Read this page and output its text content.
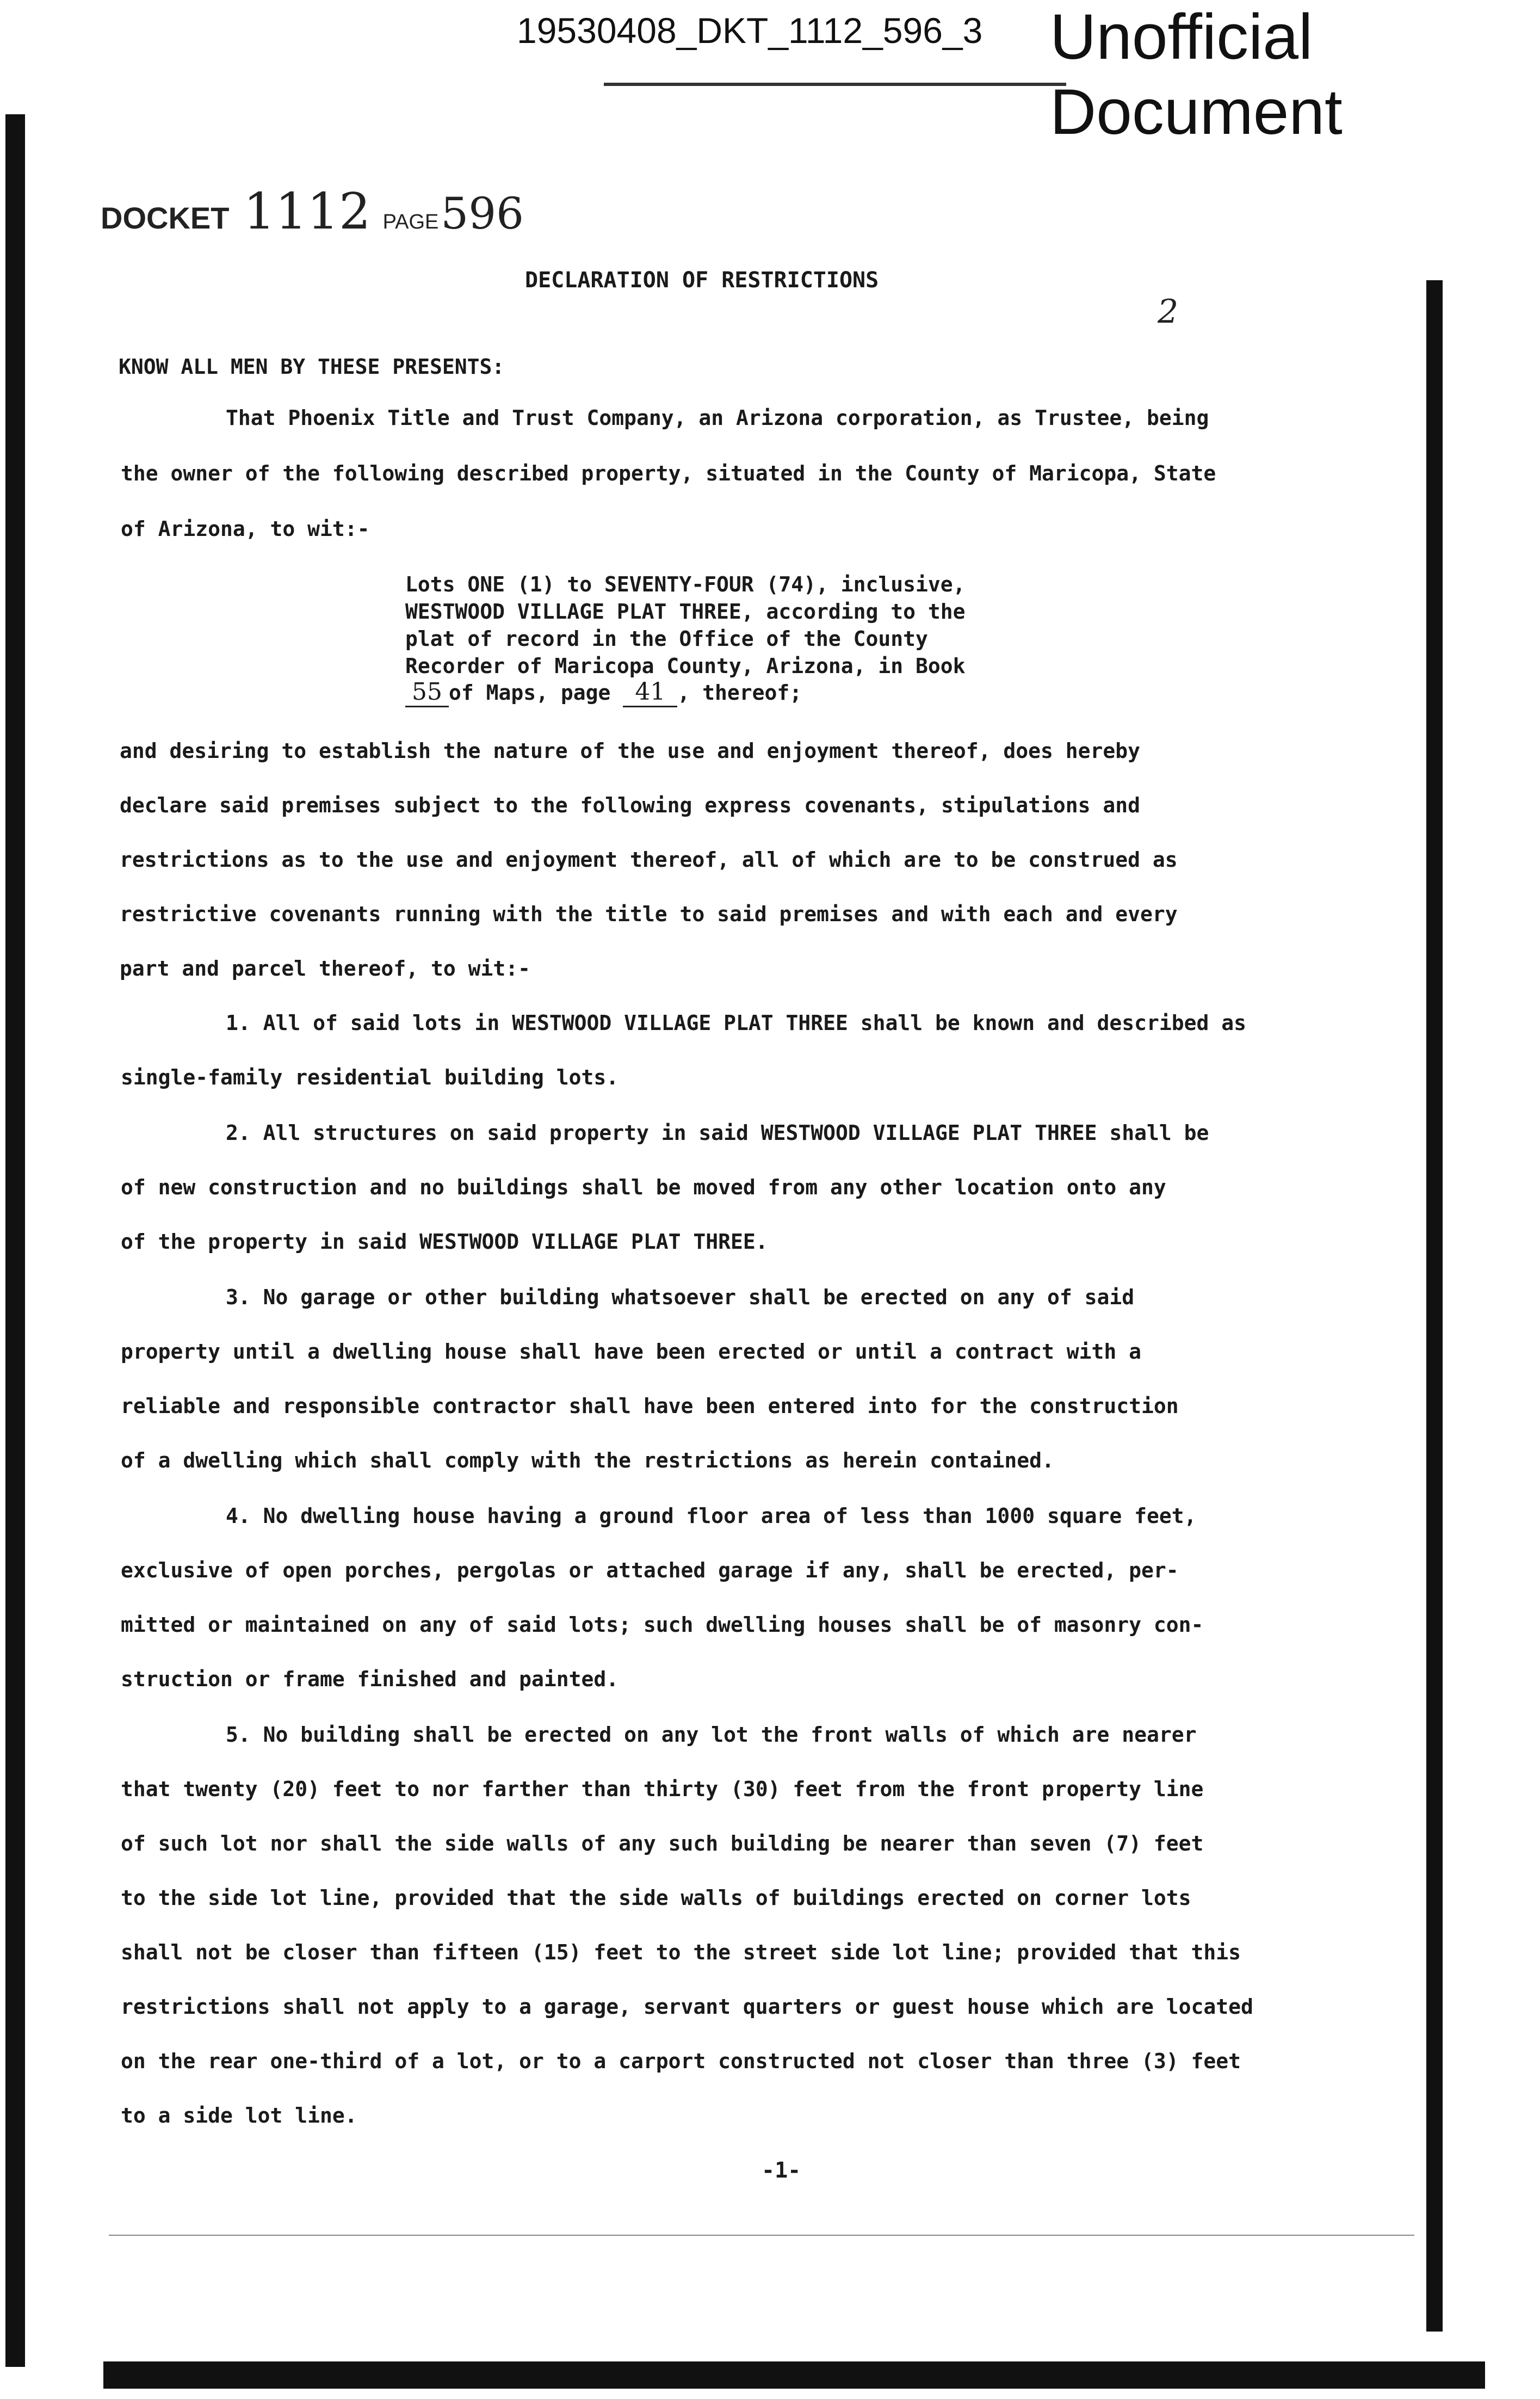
19530408_DKT_1112_596_3 Unofficial
Document
DOCKET 1112 PAGE 596
DECLARATION OF RESTRICTIONS
2
KNOW ALL MEN BY THESE PRESENTS:
That Phoenix Title and Trust Company, an Arizona corporation, as Trustee, being
the owner of the following described property, situated in the County of Maricopa, State
of Arizona, to wit:-
Lots ONE (1) to SEVENTY-FOUR (74), inclusive,
WESTWOOD VILLAGE PLAT THREE, according to the
plat of record in the Office of the County
Recorder of Maricopa County, Arizona, in Book
55 of Maps, page 41 , thereof;
and desiring to establish the nature of the use and enjoyment thereof, does hereby
declare said premises subject to the following express covenants, stipulations and
restrictions as to the use and enjoyment thereof, all of which are to be construed as
restrictive covenants running with the title to said premises and with each and every
part and parcel thereof, to wit:-
1. All of said lots in WESTWOOD VILLAGE PLAT THREE shall be known and described as
single-family residential building lots.
2. All structures on said property in said WESTWOOD VILLAGE PLAT THREE shall be
of new construction and no buildings shall be moved from any other location onto any
of the property in said WESTWOOD VILLAGE PLAT THREE.
3. No garage or other building whatsoever shall be erected on any of said
property until a dwelling house shall have been erected or until a contract with a
reliable and responsible contractor shall have been entered into for the construction
of a dwelling which shall comply with the restrictions as herein contained.
4. No dwelling house having a ground floor area of less than 1000 square feet,
exclusive of open porches, pergolas or attached garage if any, shall be erected, per-
mitted or maintained on any of said lots; such dwelling houses shall be of masonry con-
struction or frame finished and painted.
5. No building shall be erected on any lot the front walls of which are nearer
that twenty (20) feet to nor farther than thirty (30) feet from the front property line
of such lot nor shall the side walls of any such building be nearer than seven (7) feet
to the side lot line, provided that the side walls of buildings erected on corner lots
shall not be closer than fifteen (15) feet to the street side lot line; provided that this
restrictions shall not apply to a garage, servant quarters or guest house which are located
on the rear one-third of a lot, or to a carport constructed not closer than three (3) feet
to a side lot line.
-1-
